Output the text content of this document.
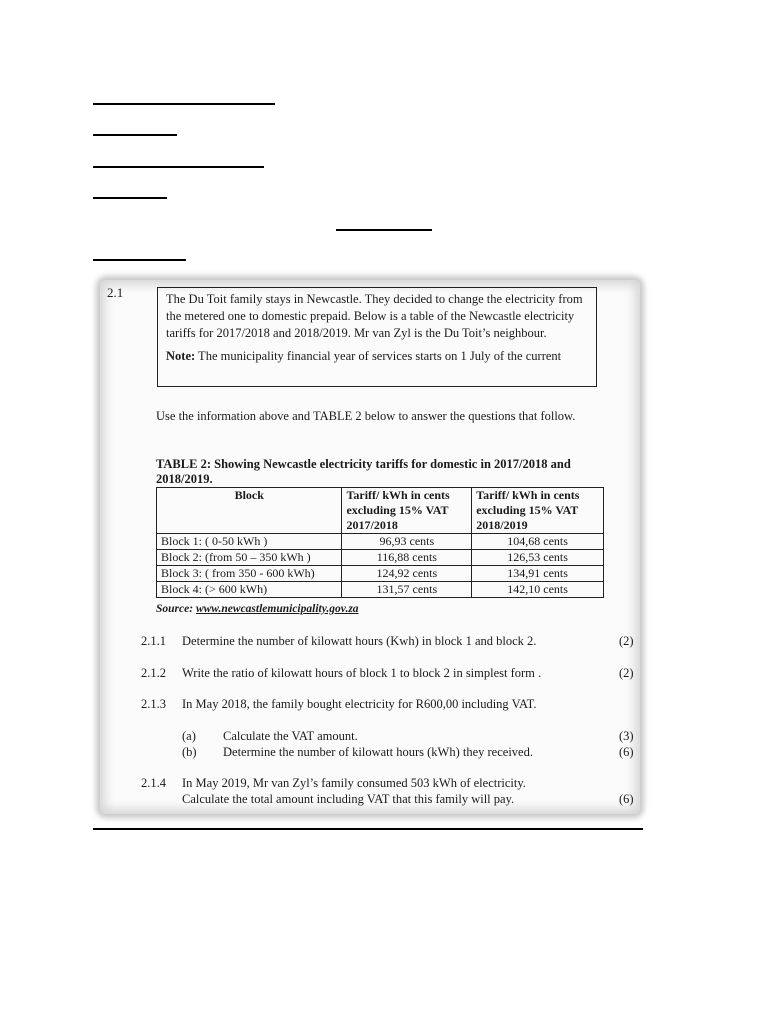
2.1	The Du Toit family stays in Newcastle. They decided to change the electricity from the metered one to domestic prepaid. Below is a table of the Newcastle electricity tariffs for 2017/2018 and 2018/2019. Mr van Zyl is the Du Toit’s neighbour.

Note: The municipality financial year of services starts on 1 July of the current

Use the information above and TABLE 2 below to answer the questions that follow.

TABLE 2: Showing Newcastle electricity tariffs for domestic in 2017/2018 and 2018/2019.

Block	Tariff/ kWh in cents excluding 15% VAT 2017/2018	Tariff/ kWh in cents excluding 15% VAT 2018/2019
Block 1: ( 0-50 kWh )	96,93 cents	104,68 cents
Block 2: (from 50 – 350 kWh )	116,88 cents	126,53 cents
Block 3: ( from 350 - 600 kWh)	124,92 cents	134,91 cents
Block 4: (> 600 kWh)	131,57 cents	142,10 cents

Source: www.newcastlemunicipality.gov.za

2.1.1 Determine the number of kilowatt hours (Kwh) in block 1 and block 2.	(2)
2.1.2 Write the ratio of kilowatt hours of block 1 to block 2 in simplest form .	(2)
2.1.3 In May 2018, the family bought electricity for R600,00 including VAT.
(a) Calculate the VAT amount.	(3)
(b) Determine the number of kilowatt hours (kWh) they received.	(6)
2.1.4 In May 2019, Mr van Zyl’s family consumed 503 kWh of electricity.
Calculate the total amount including VAT that this family will pay.	(6)
